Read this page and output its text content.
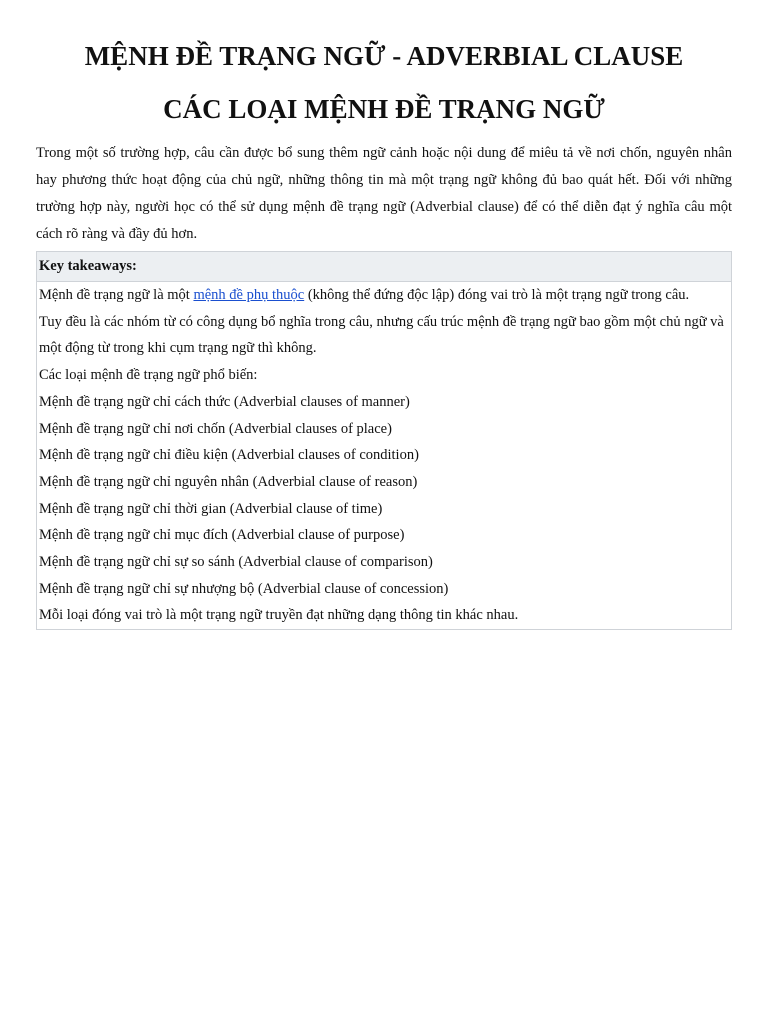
MỆNH ĐỀ TRẠNG NGỮ - ADVERBIAL CLAUSE
CÁC LOẠI MỆNH ĐỀ TRẠNG NGỮ

Trong một số trường hợp, câu cần được bổ sung thêm ngữ cảnh hoặc nội dung để miêu tả về nơi chốn, nguyên nhân hay phương thức hoạt động của chủ ngữ, những thông tin mà một trạng ngữ không đủ bao quát hết. Đối với những trường hợp này, người học có thể sử dụng mệnh đề trạng ngữ (Adverbial clause) để có thể diễn đạt ý nghĩa câu một cách rõ ràng và đầy đủ hơn.

Key takeaways:

Mệnh đề trạng ngữ là một mệnh đề phụ thuộc (không thể đứng độc lập) đóng vai trò là một trạng ngữ trong câu.

Tuy đều là các nhóm từ có công dụng bổ nghĩa trong câu, nhưng cấu trúc mệnh đề trạng ngữ bao gồm một chủ ngữ và một động từ trong khi cụm trạng ngữ thì không.

Các loại mệnh đề trạng ngữ phổ biến:

Mệnh đề trạng ngữ chỉ cách thức (Adverbial clauses of manner)

Mệnh đề trạng ngữ chỉ nơi chốn (Adverbial clauses of place)

Mệnh đề trạng ngữ chỉ điều kiện (Adverbial clauses of condition)

Mệnh đề trạng ngữ chỉ nguyên nhân (Adverbial clause of reason)

Mệnh đề trạng ngữ chỉ thời gian (Adverbial clause of time)

Mệnh đề trạng ngữ chỉ mục đích (Adverbial clause of purpose)

Mệnh đề trạng ngữ chỉ sự so sánh (Adverbial clause of comparison)

Mệnh đề trạng ngữ chỉ sự nhượng bộ (Adverbial clause of concession)

Mỗi loại đóng vai trò là một trạng ngữ truyền đạt những dạng thông tin khác nhau.
